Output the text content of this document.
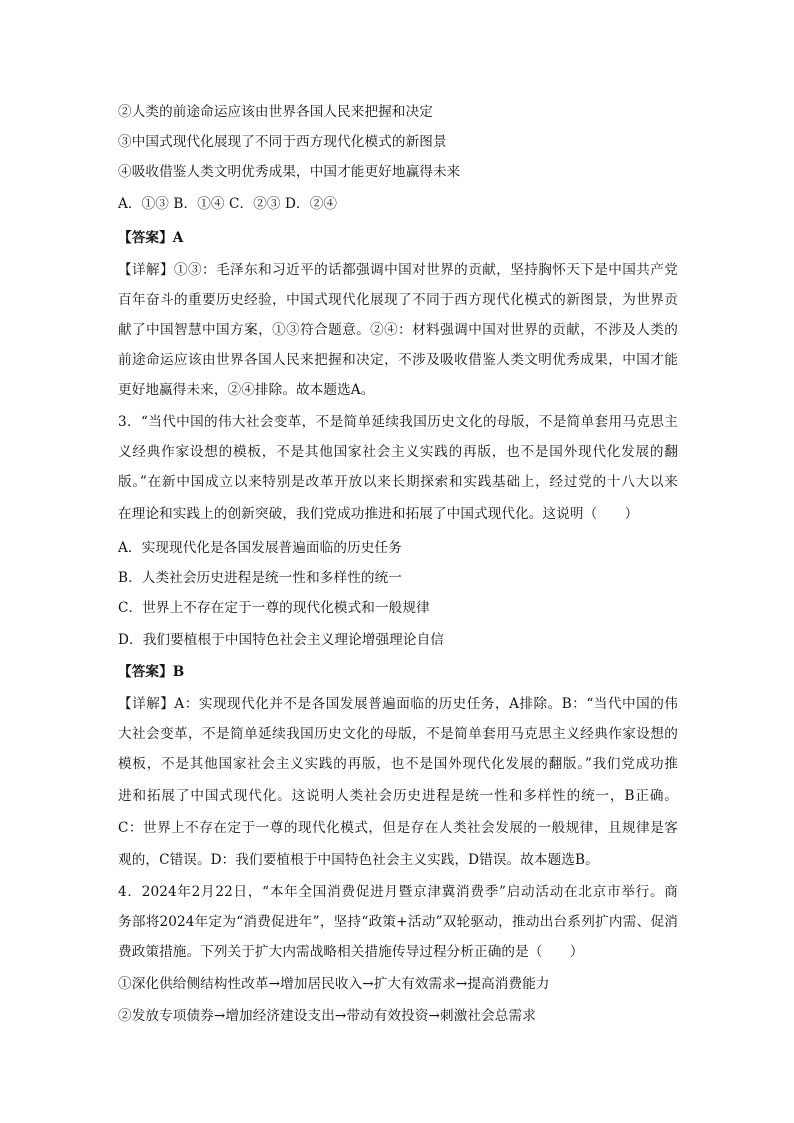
②人类的前途命运应该由世界各国人民来把握和决定
③中国式现代化展现了不同于西方现代化模式的新图景
④吸收借鉴人类文明优秀成果，中国才能更好地赢得未来
A．①③ B．①④ C．②③ D．②④
【答案】A
【详解】①③：毛泽东和习近平的话都强调中国对世界的贡献，坚持胸怀天下是中国共产党
百年奋斗的重要历史经验，中国式现代化展现了不同于西方现代化模式的新图景，为世界贡
献了中国智慧中国方案，①③符合题意。②④：材料强调中国对世界的贡献，不涉及人类的
前途命运应该由世界各国人民来把握和决定，不涉及吸收借鉴人类文明优秀成果，中国才能
更好地赢得未来，②④排除。故本题选A。
3．“当代中国的伟大社会变革，不是简单延续我国历史文化的母版，不是简单套用马克思主
义经典作家设想的模板，不是其他国家社会主义实践的再版，也不是国外现代化发展的翻
版。”在新中国成立以来特别是改革开放以来长期探索和实践基础上，经过党的十八大以来
在理论和实践上的创新突破，我们党成功推进和拓展了中国式现代化。这说明（　　）
A．实现现代化是各国发展普遍面临的历史任务
B．人类社会历史进程是统一性和多样性的统一
C．世界上不存在定于一尊的现代化模式和一般规律
D．我们要植根于中国特色社会主义理论增强理论自信
【答案】B
【详解】A：实现现代化并不是各国发展普遍面临的历史任务，A排除。B：“当代中国的伟
大社会变革，不是简单延续我国历史文化的母版，不是简单套用马克思主义经典作家设想的
模板，不是其他国家社会主义实践的再版，也不是国外现代化发展的翻版。”我们党成功推
进和拓展了中国式现代化。这说明人类社会历史进程是统一性和多样性的统一，B正确。
C：世界上不存在定于一尊的现代化模式，但是存在人类社会发展的一般规律，且规律是客
观的，C错误。D：我们要植根于中国特色社会主义实践，D错误。故本题选B。
4．2024年2月22日，“本年全国消费促进月暨京津冀消费季”启动活动在北京市举行。商
务部将2024年定为“消费促进年”，坚持“政策+活动”双轮驱动，推动出台系列扩内需、促消
费政策措施。下列关于扩大内需战略相关措施传导过程分析正确的是（　　）
①深化供给侧结构性改革→增加居民收入→扩大有效需求→提高消费能力
②发放专项债券→增加经济建设支出→带动有效投资→刺激社会总需求
